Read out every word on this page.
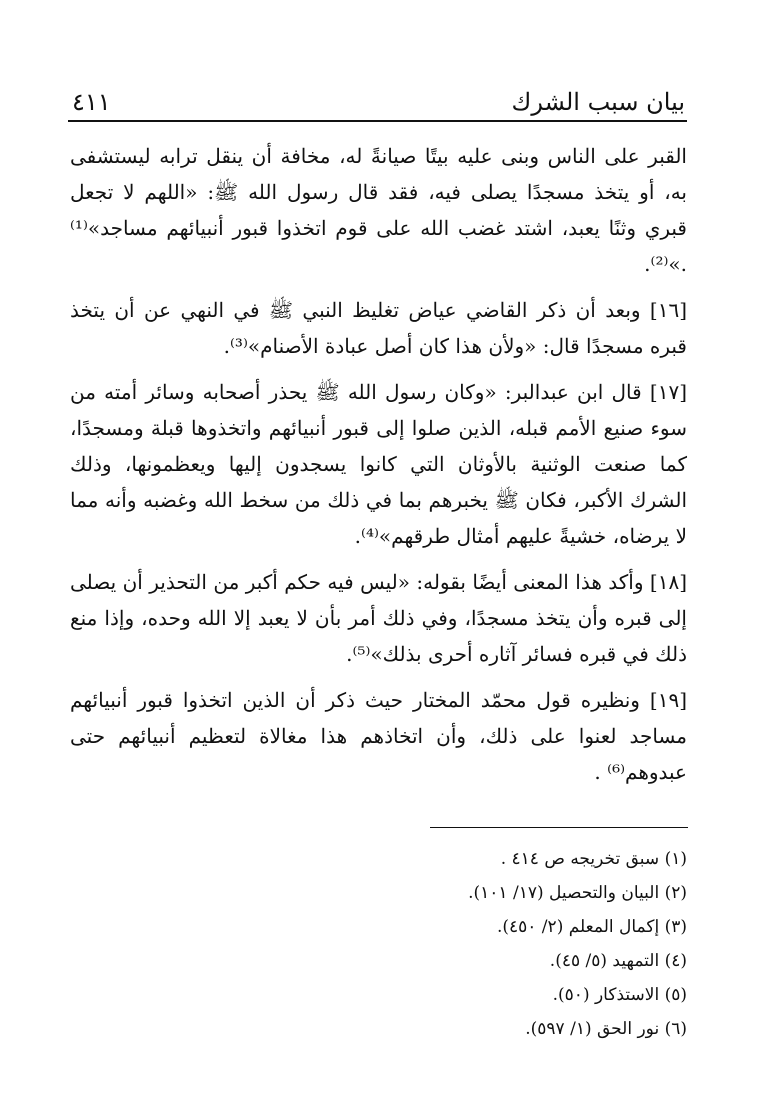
٤١١	بيان سبب الشرك

القبر على الناس وبنى عليه بيتًا صيانةً له، مخافة أن ينقل ترابه ليستشفى به، أو يتخذ مسجدًا يصلى فيه، فقد قال رسول الله ﷺ: «اللهم لا تجعل قبري وثنًا يعبد، اشتد غضب الله على قوم اتخذوا قبور أنبيائهم مساجد»⁽¹⁾ .»⁽²⁾.

[١٦] وبعد أن ذكر القاضي عياض تغليظ النبي ﷺ في النهي عن أن يتخذ قبره مسجدًا قال: «ولأن هذا كان أصل عبادة الأصنام»⁽³⁾.

[١٧] قال ابن عبدالبر: «وكان رسول الله ﷺ يحذر أصحابه وسائر أمته من سوء صنيع الأمم قبله، الذين صلوا إلى قبور أنبيائهم واتخذوها قبلة ومسجدًا، كما صنعت الوثنية بالأوثان التي كانوا يسجدون إليها ويعظمونها، وذلك الشرك الأكبر، فكان ﷺ يخبرهم بما في ذلك من سخط الله وغضبه وأنه مما لا يرضاه، خشيةً عليهم أمثال طرقهم»⁽⁴⁾.

[١٨] وأكد هذا المعنى أيضًا بقوله: «ليس فيه حكم أكبر من التحذير أن يصلى إلى قبره وأن يتخذ مسجدًا، وفي ذلك أمر بأن لا يعبد إلا الله وحده، وإذا منع ذلك في قبره فسائر آثاره أحرى بذلك»⁽⁵⁾.

[١٩] ونظيره قول محمّد المختار حيث ذكر أن الذين اتخذوا قبور أنبيائهم مساجد لعنوا على ذلك، وأن اتخاذهم هذا مغالاة لتعظيم أنبيائهم حتى عبدوهم⁽⁶⁾ .

(١) سبق تخريجه ص ٤١٤ .
(٢) البيان والتحصيل (١٧/ ١٠١).
(٣) إكمال المعلم (٢/ ٤٥٠).
(٤) التمهيد (٥/ ٤٥).
(٥) الاستذكار (٥٠).
(٦) نور الحق (١/ ٥٩٧).
